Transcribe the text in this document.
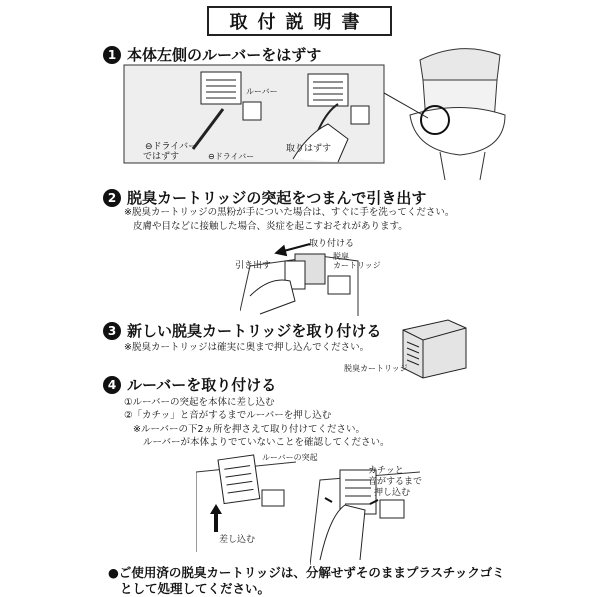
取付説明書
1 本体左側のルーバーをはずす
ルーバー
⊖ドライバー
ではずす	⊖ドライバー
取りはずす
2 脱臭カートリッジの突起をつまんで引き出す
※脱臭カートリッジの黒粉が手についた場合は、すぐに手を洗ってください。
皮膚や目などに接触した場合、炎症を起こすおそれがあります。
取り付ける
引き出す
脱臭
カートリッジ
3 新しい脱臭カートリッジを取り付ける
※脱臭カートリッジは確実に奥まで押し込んでください。
脱臭カートリッジ
4 ルーバーを取り付ける
①ルーバーの突起を本体に差し込む
②「カチッ」と音がするまでルーバーを押し込む
※ルーバーの下2ヵ所を押さえて取り付けてください。
ルーバーが本体よりでていないことを確認してください。
ルーバーの突起
差し込む
カチッと
音がするまで
押し込む
●ご使用済の脱臭カートリッジは、分解せずそのままプラスチックゴミ
として処理してください。
